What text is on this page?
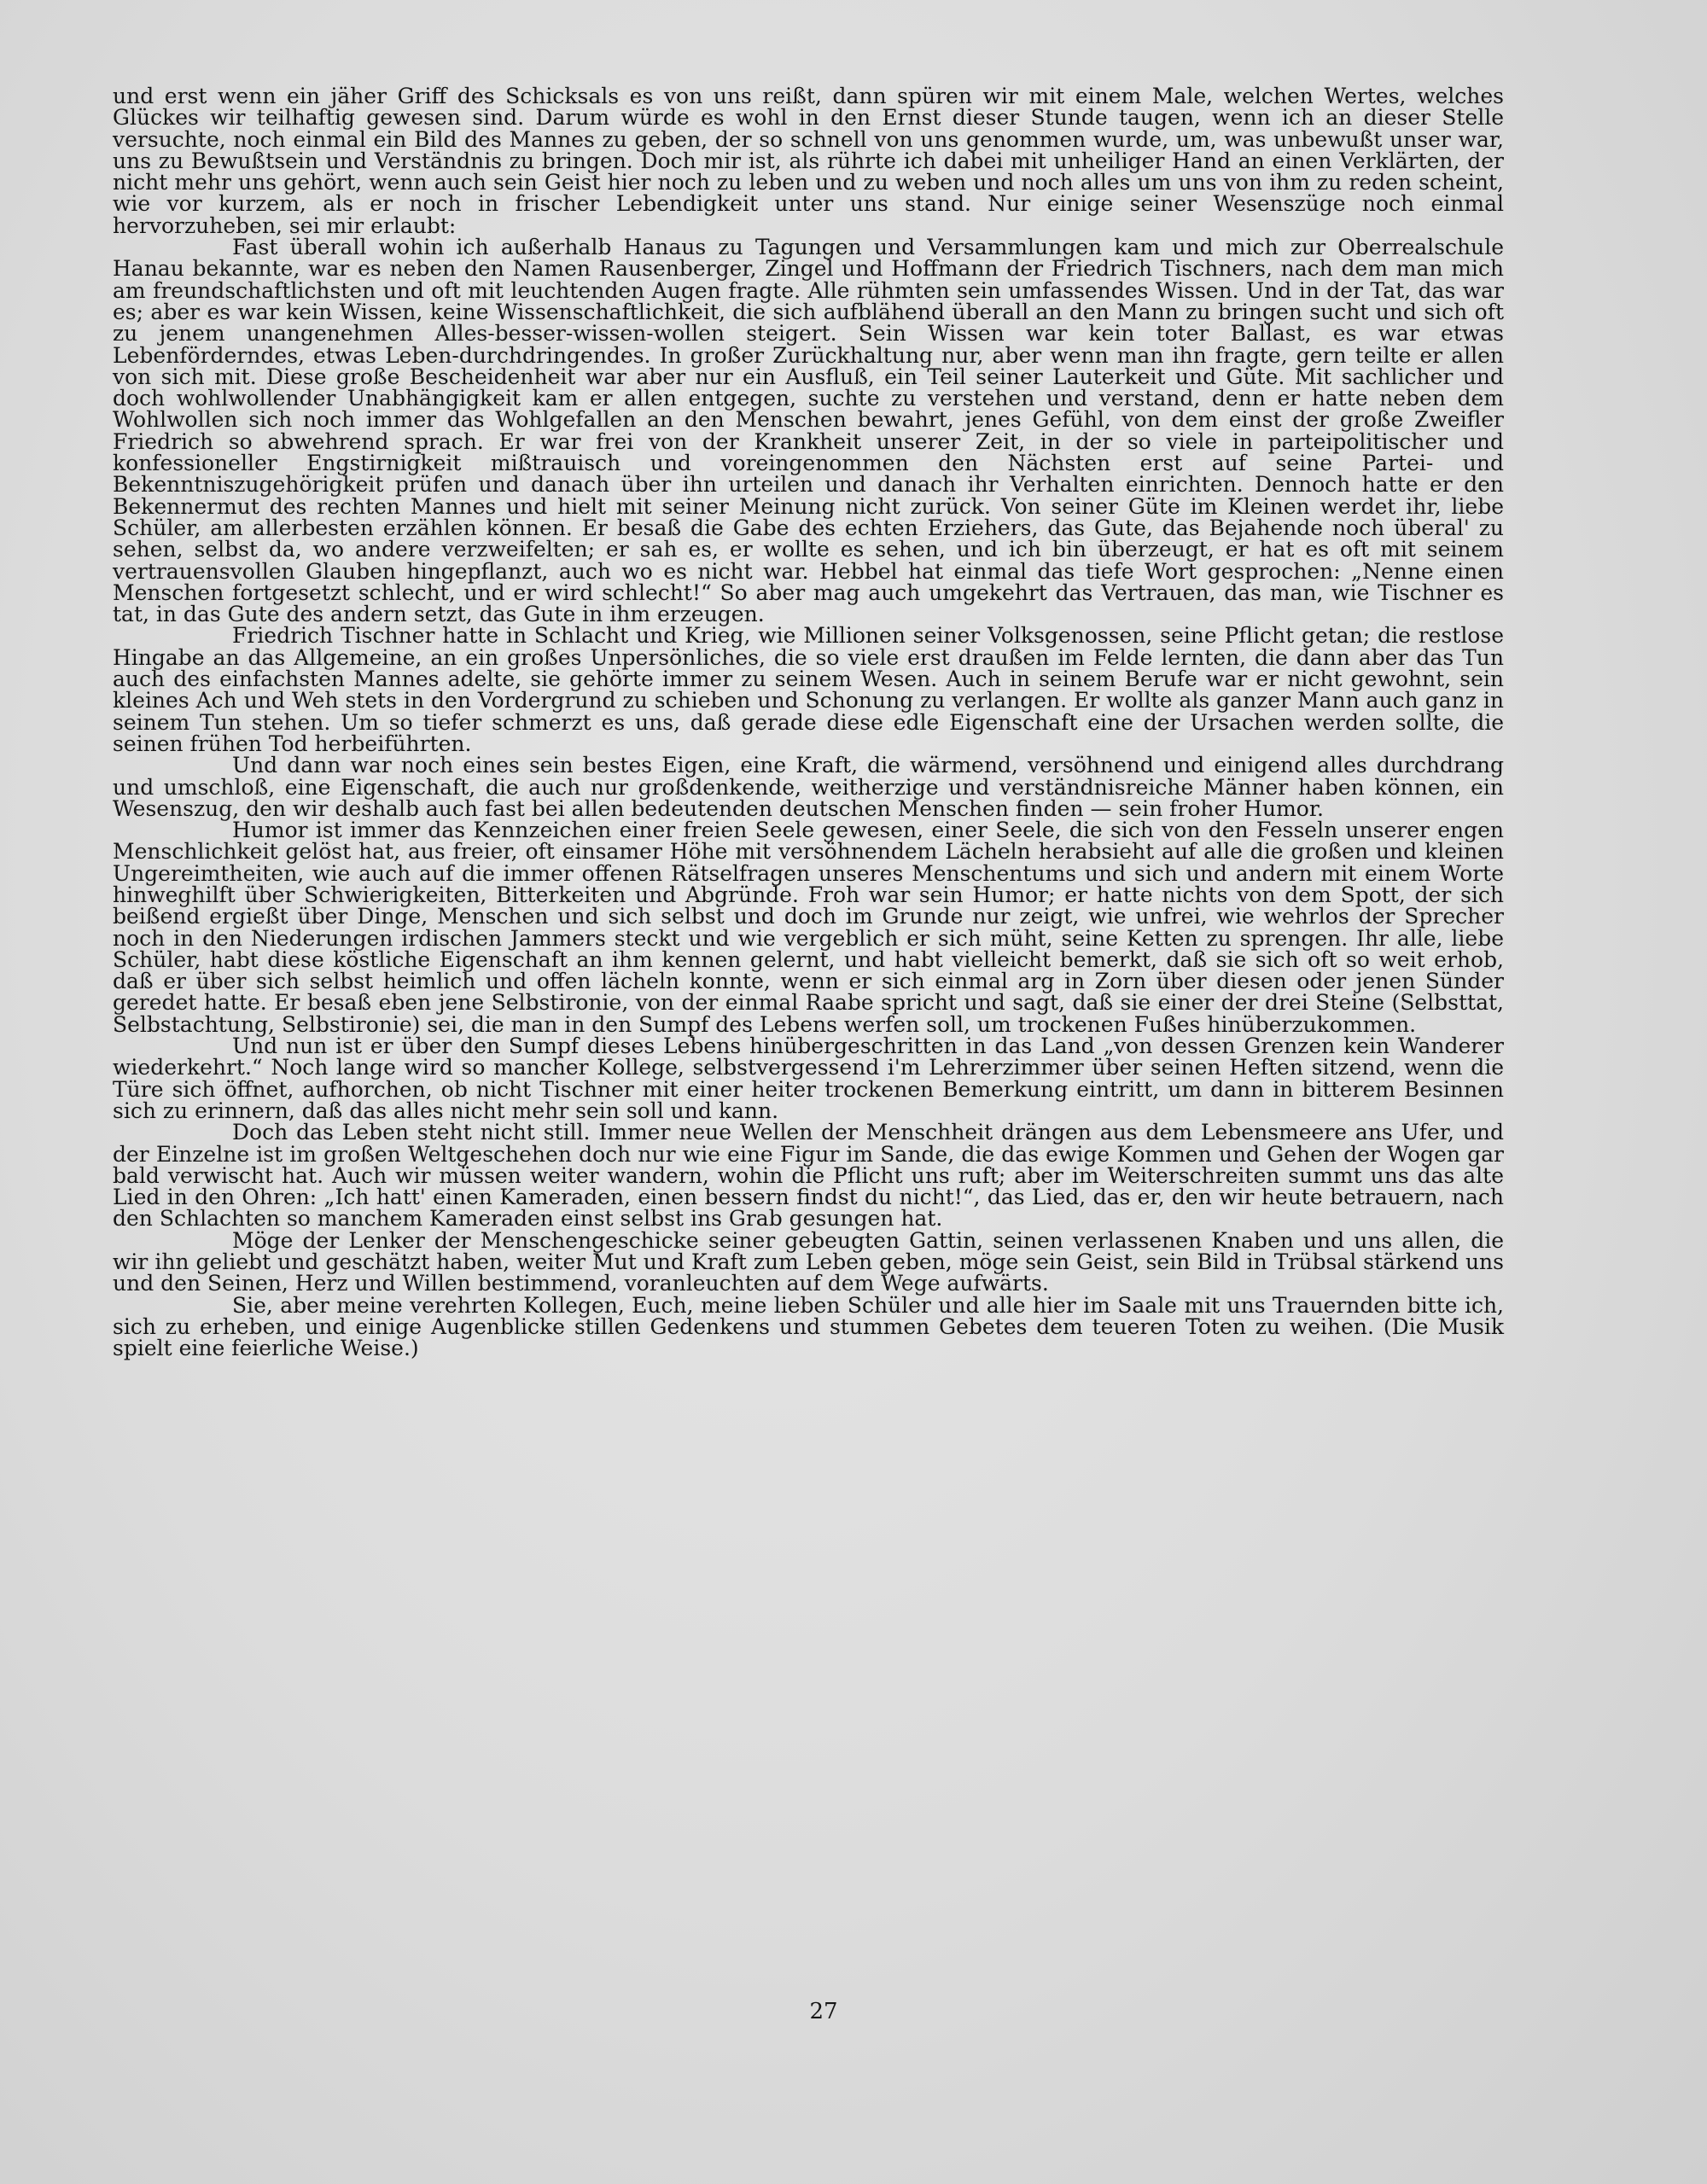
und erst wenn ein jäher Griff des Schicksals es von uns reißt, dann spüren wir mit einem Male, welchen Wertes, welches Glückes wir teilhaftig gewesen sind. Darum würde es wohl in den Ernst dieser Stunde taugen, wenn ich an dieser Stelle versuchte, noch einmal ein Bild des Mannes zu geben, der so schnell von uns genommen wurde, um, was unbewußt unser war, uns zu Bewußtsein und Verständnis zu bringen. Doch mir ist, als rührte ich dabei mit unheiliger Hand an einen Verklärten, der nicht mehr uns gehört, wenn auch sein Geist hier noch zu leben und zu weben und noch alles um uns von ihm zu reden scheint, wie vor kurzem, als er noch in frischer Lebendigkeit unter uns stand. Nur einige seiner Wesenszüge noch einmal hervorzuheben, sei mir erlaubt:

Fast überall wohin ich außerhalb Hanaus zu Tagungen und Versammlungen kam und mich zur Oberrealschule Hanau bekannte, war es neben den Namen Rausenberger, Zingel und Hoffmann der Friedrich Tischners, nach dem man mich am freundschaftlichsten und oft mit leuchtenden Augen fragte. Alle rühmten sein umfassendes Wissen. Und in der Tat, das war es; aber es war kein Wissen, keine Wissenschaftlichkeit, die sich aufblähend überall an den Mann zu bringen sucht und sich oft zu jenem unangenehmen Alles-besser-wissen-wollen steigert. Sein Wissen war kein toter Ballast, es war etwas Lebenförderndes, etwas Leben-durchdringendes. In großer Zurückhaltung nur, aber wenn man ihn fragte, gern teilte er allen von sich mit. Diese große Bescheidenheit war aber nur ein Ausfluß, ein Teil seiner Lauterkeit und Güte. Mit sachlicher und doch wohlwollender Unabhängigkeit kam er allen entgegen, suchte zu verstehen und verstand, denn er hatte neben dem Wohlwollen sich noch immer das Wohlgefallen an den Menschen bewahrt, jenes Gefühl, von dem einst der große Zweifler Friedrich so abwehrend sprach. Er war frei von der Krankheit unserer Zeit, in der so viele in parteipolitischer und konfessioneller Engstirnigkeit mißtrauisch und voreingenommen den Nächsten erst auf seine Partei- und Bekenntniszugehörigkeit prüfen und danach über ihn urteilen und danach ihr Verhalten einrichten. Dennoch hatte er den Bekennermut des rechten Mannes und hielt mit seiner Meinung nicht zurück. Von seiner Güte im Kleinen werdet ihr, liebe Schüler, am allerbesten erzählen können. Er besaß die Gabe des echten Erziehers, das Gute, das Bejahende noch überal' zu sehen, selbst da, wo andere verzweifelten; er sah es, er wollte es sehen, und ich bin überzeugt, er hat es oft mit seinem vertrauensvollen Glauben hingepflanzt, auch wo es nicht war. Hebbel hat einmal das tiefe Wort gesprochen: „Nenne einen Menschen fortgesetzt schlecht, und er wird schlecht!“ So aber mag auch umgekehrt das Vertrauen, das man, wie Tischner es tat, in das Gute des andern setzt, das Gute in ihm erzeugen.

Friedrich Tischner hatte in Schlacht und Krieg, wie Millionen seiner Volksgenossen, seine Pflicht getan; die restlose Hingabe an das Allgemeine, an ein großes Unpersönliches, die so viele erst draußen im Felde lernten, die dann aber das Tun auch des einfachsten Mannes adelte, sie gehörte immer zu seinem Wesen. Auch in seinem Berufe war er nicht gewohnt, sein kleines Ach und Weh stets in den Vordergrund zu schieben und Schonung zu verlangen. Er wollte als ganzer Mann auch ganz in seinem Tun stehen. Um so tiefer schmerzt es uns, daß gerade diese edle Eigenschaft eine der Ursachen werden sollte, die seinen frühen Tod herbeiführten.

Und dann war noch eines sein bestes Eigen, eine Kraft, die wärmend, versöhnend und einigend alles durchdrang und umschloß, eine Eigenschaft, die auch nur großdenkende, weitherzige und verständnisreiche Männer haben können, ein Wesenszug, den wir deshalb auch fast bei allen bedeutenden deutschen Menschen finden — sein froher Humor.

Humor ist immer das Kennzeichen einer freien Seele gewesen, einer Seele, die sich von den Fesseln unserer engen Menschlichkeit gelöst hat, aus freier, oft einsamer Höhe mit versöhnendem Lächeln herabsieht auf alle die großen und kleinen Ungereimtheiten, wie auch auf die immer offenen Rätselfragen unseres Menschentums und sich und andern mit einem Worte hinweghilft über Schwierigkeiten, Bitterkeiten und Abgründe. Froh war sein Humor; er hatte nichts von dem Spott, der sich beißend ergießt über Dinge, Menschen und sich selbst und doch im Grunde nur zeigt, wie unfrei, wie wehrlos der Sprecher noch in den Niederungen irdischen Jammers steckt und wie vergeblich er sich müht, seine Ketten zu sprengen. Ihr alle, liebe Schüler, habt diese köstliche Eigenschaft an ihm kennen gelernt, und habt vielleicht bemerkt, daß sie sich oft so weit erhob, daß er über sich selbst heimlich und offen lächeln konnte, wenn er sich einmal arg in Zorn über diesen oder jenen Sünder geredet hatte. Er besaß eben jene Selbstironie, von der einmal Raabe spricht und sagt, daß sie einer der drei Steine (Selbsttat, Selbstachtung, Selbstironie) sei, die man in den Sumpf des Lebens werfen soll, um trockenen Fußes hinüberzukommen.

Und nun ist er über den Sumpf dieses Lebens hinübergeschritten in das Land „von dessen Grenzen kein Wanderer wiederkehrt.“ Noch lange wird so mancher Kollege, selbstvergessend i'm Lehrerzimmer über seinen Heften sitzend, wenn die Türe sich öffnet, aufhorchen, ob nicht Tischner mit einer heiter trockenen Bemerkung eintritt, um dann in bitterem Besinnen sich zu erinnern, daß das alles nicht mehr sein soll und kann.

Doch das Leben steht nicht still. Immer neue Wellen der Menschheit drängen aus dem Lebensmeere ans Ufer, und der Einzelne ist im großen Weltgeschehen doch nur wie eine Figur im Sande, die das ewige Kommen und Gehen der Wogen gar bald verwischt hat. Auch wir müssen weiter wandern, wohin die Pflicht uns ruft; aber im Weiterschreiten summt uns das alte Lied in den Ohren: „Ich hatt' einen Kameraden, einen bessern findst du nicht!“, das Lied, das er, den wir heute betrauern, nach den Schlachten so manchem Kameraden einst selbst ins Grab gesungen hat.

Möge der Lenker der Menschengeschicke seiner gebeugten Gattin, seinen verlassenen Knaben und uns allen, die wir ihn geliebt und geschätzt haben, weiter Mut und Kraft zum Leben geben, möge sein Geist, sein Bild in Trübsal stärkend uns und den Seinen, Herz und Willen bestimmend, voranleuchten auf dem Wege aufwärts.

Sie, aber meine verehrten Kollegen, Euch, meine lieben Schüler und alle hier im Saale mit uns Trauernden bitte ich, sich zu erheben, und einige Augenblicke stillen Gedenkens und stummen Gebetes dem teueren Toten zu weihen. (Die Musik spielt eine feierliche Weise.)

27
